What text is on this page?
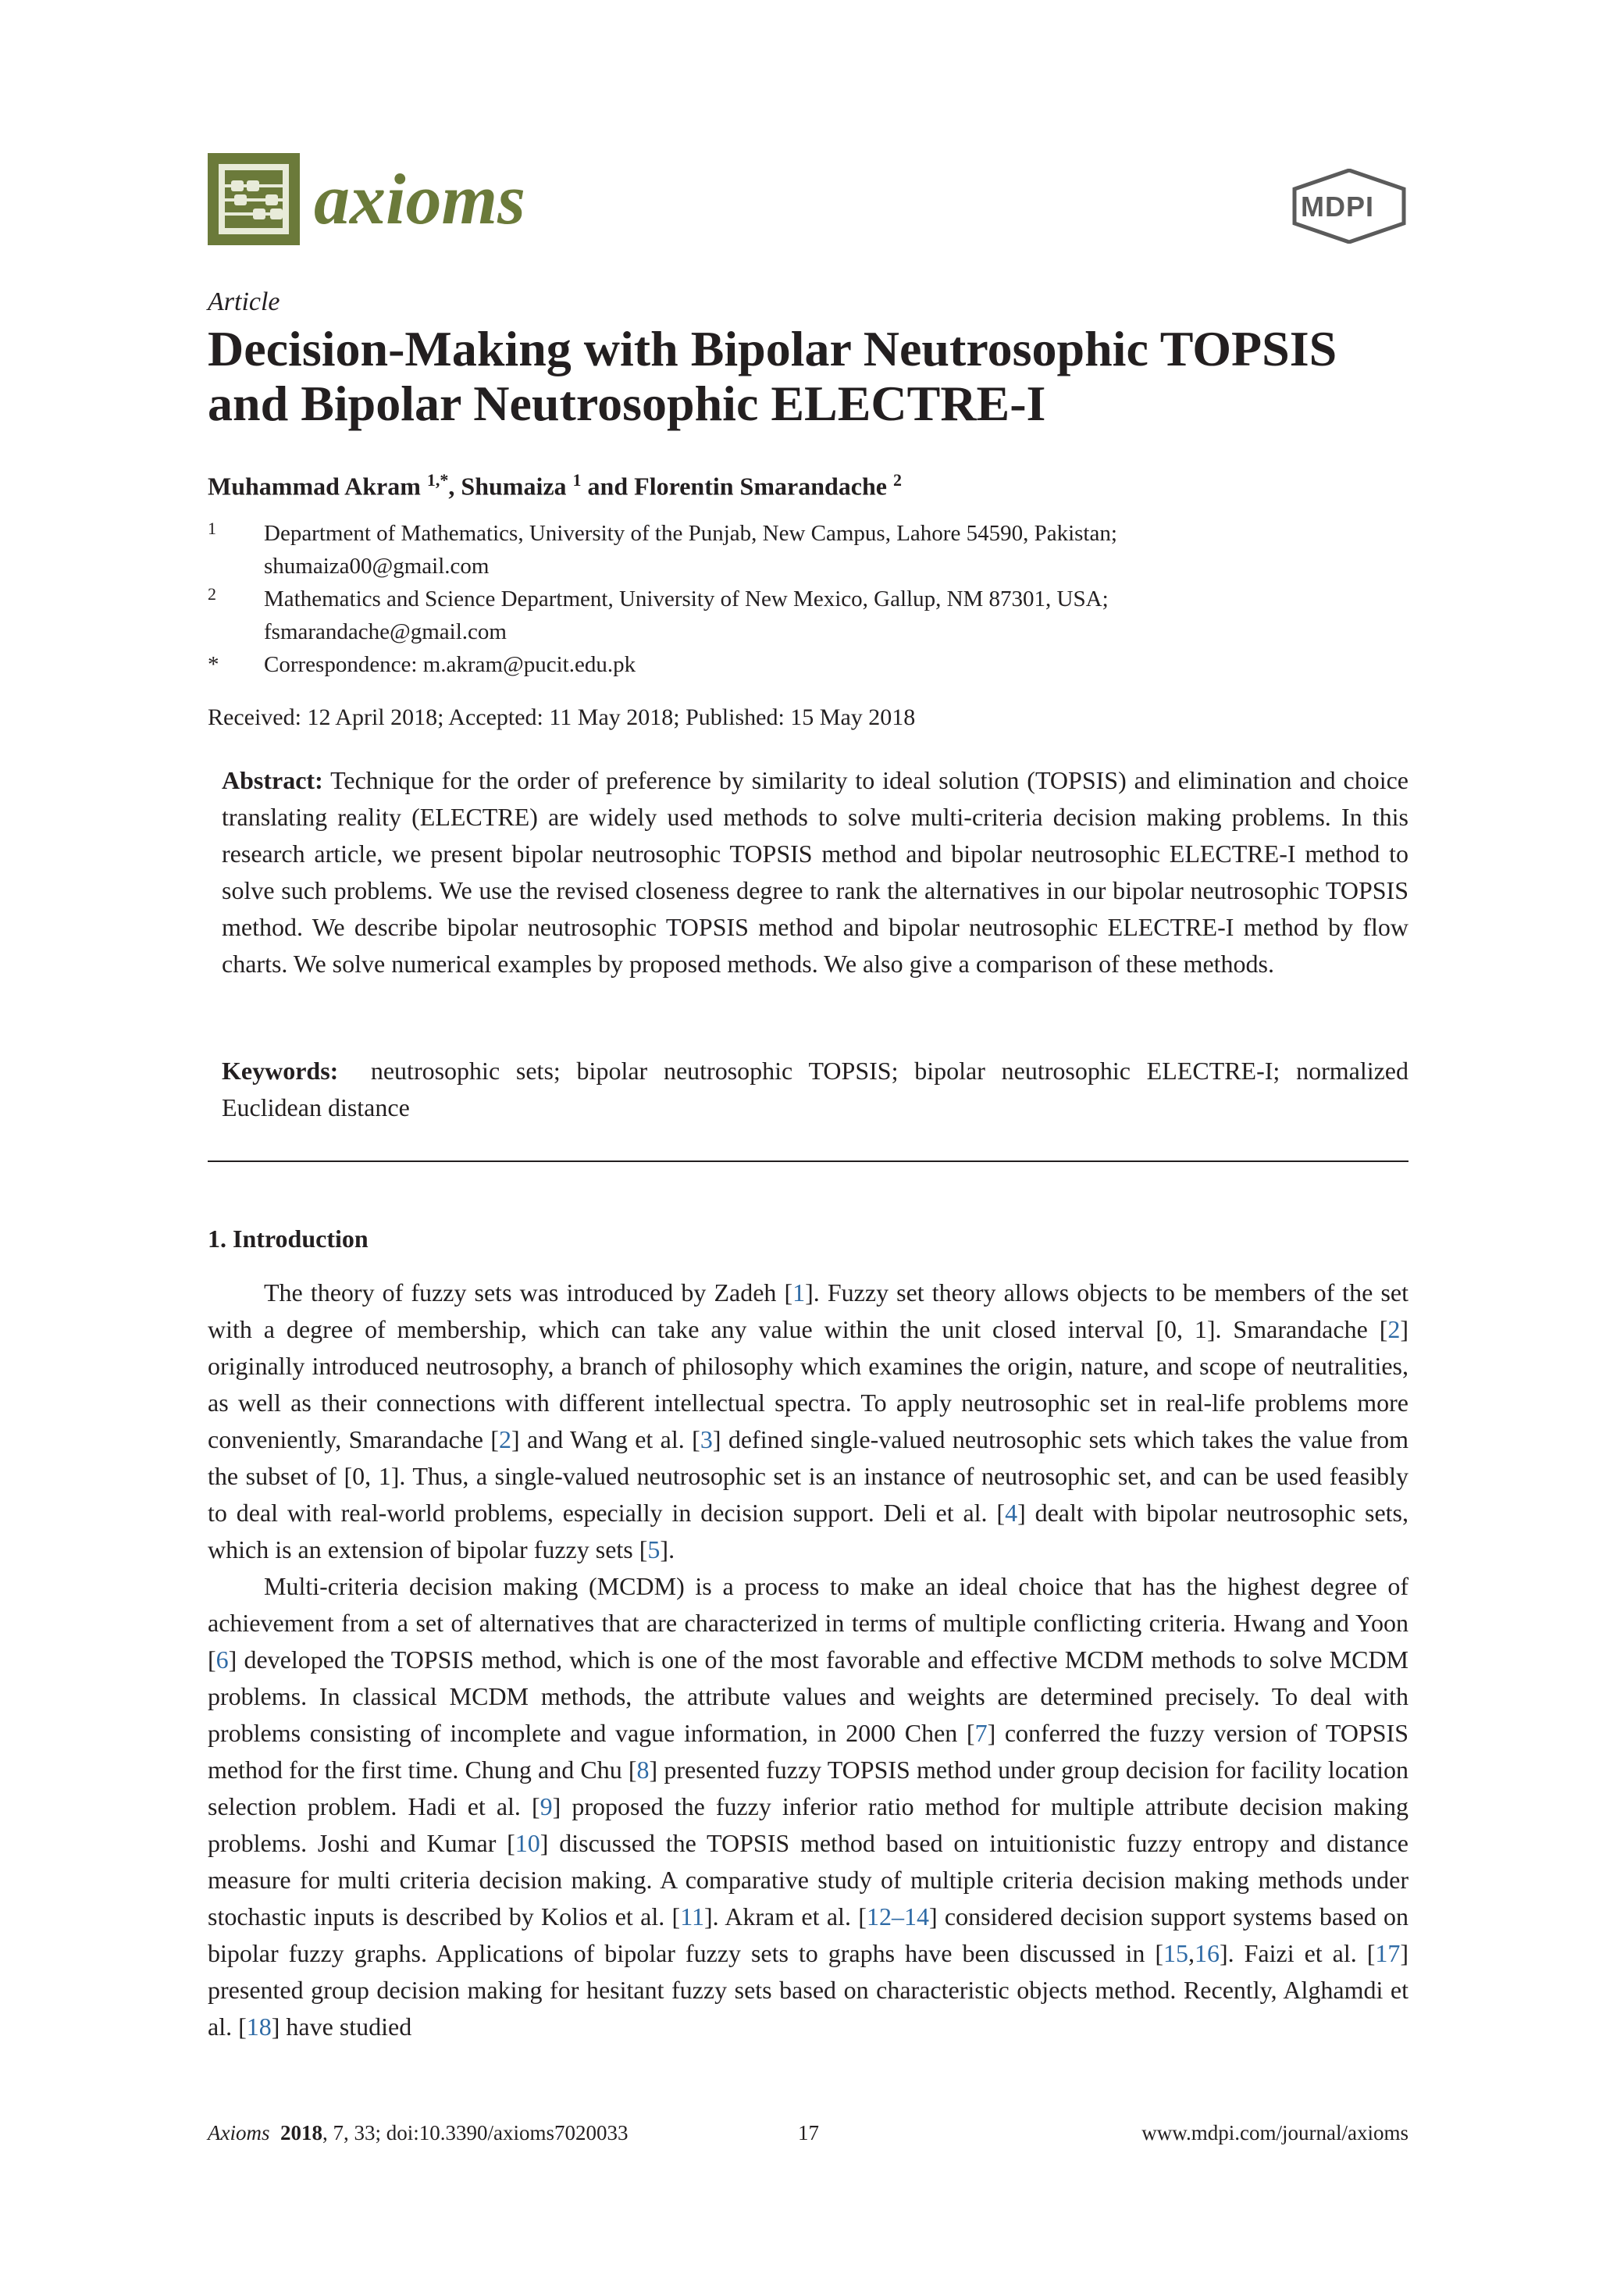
axioms	MDPI
Article
Decision-Making with Bipolar Neutrosophic TOPSIS and Bipolar Neutrosophic ELECTRE-I
Muhammad Akram $^{1,*}$, Shumaiza $^1$ and Florentin Smarandache $^2$
1	Department of Mathematics, University of the Punjab, New Campus, Lahore 54590, Pakistan;
shumaiza00@gmail.com
2	Mathematics and Science Department, University of New Mexico, Gallup, NM 87301, USA;
fsmarandache@gmail.com
*	Correspondence: m.akram@pucit.edu.pk
Received: 12 April 2018; Accepted: 11 May 2018; Published: 15 May 2018

Abstract: Technique for the order of preference by similarity to ideal solution (TOPSIS) and elimination and choice translating reality (ELECTRE) are widely used methods to solve multi-criteria decision making problems. In this research article, we present bipolar neutrosophic TOPSIS method and bipolar neutrosophic ELECTRE-I method to solve such problems. We use the revised closeness degree to rank the alternatives in our bipolar neutrosophic TOPSIS method. We describe bipolar neutrosophic TOPSIS method and bipolar neutrosophic ELECTRE-I method by flow charts. We solve numerical examples by proposed methods. We also give a comparison of these methods.

Keywords: neutrosophic sets; bipolar neutrosophic TOPSIS; bipolar neutrosophic ELECTRE-I; normalized Euclidean distance

1. Introduction

The theory of fuzzy sets was introduced by Zadeh [1]. Fuzzy set theory allows objects to be members of the set with a degree of membership, which can take any value within the unit closed interval [0, 1]. Smarandache [2] originally introduced neutrosophy, a branch of philosophy which examines the origin, nature, and scope of neutralities, as well as their connections with different intellectual spectra. To apply neutrosophic set in real-life problems more conveniently, Smarandache [2] and Wang et al. [3] defined single-valued neutrosophic sets which takes the value from the subset of [0, 1]. Thus, a single-valued neutrosophic set is an instance of neutrosophic set, and can be used feasibly to deal with real-world problems, especially in decision support. Deli et al. [4] dealt with bipolar neutrosophic sets, which is an extension of bipolar fuzzy sets [5].

Multi-criteria decision making (MCDM) is a process to make an ideal choice that has the highest degree of achievement from a set of alternatives that are characterized in terms of multiple conflicting criteria. Hwang and Yoon [6] developed the TOPSIS method, which is one of the most favorable and effective MCDM methods to solve MCDM problems. In classical MCDM methods, the attribute values and weights are determined precisely. To deal with problems consisting of incomplete and vague information, in 2000 Chen [7] conferred the fuzzy version of TOPSIS method for the first time. Chung and Chu [8] presented fuzzy TOPSIS method under group decision for facility location selection problem. Hadi et al. [9] proposed the fuzzy inferior ratio method for multiple attribute decision making problems. Joshi and Kumar [10] discussed the TOPSIS method based on intuitionistic fuzzy entropy and distance measure for multi criteria decision making. A comparative study of multiple criteria decision making methods under stochastic inputs is described by Kolios et al. [11]. Akram et al. [12–14] considered decision support systems based on bipolar fuzzy graphs. Applications of bipolar fuzzy sets to graphs have been discussed in [15,16]. Faizi et al. [17] presented group decision making for hesitant fuzzy sets based on characteristic objects method. Recently, Alghamdi et al. [18] have studied

Axioms 2018, 7, 33; doi:10.3390/axioms7020033	17	www.mdpi.com/journal/axioms
